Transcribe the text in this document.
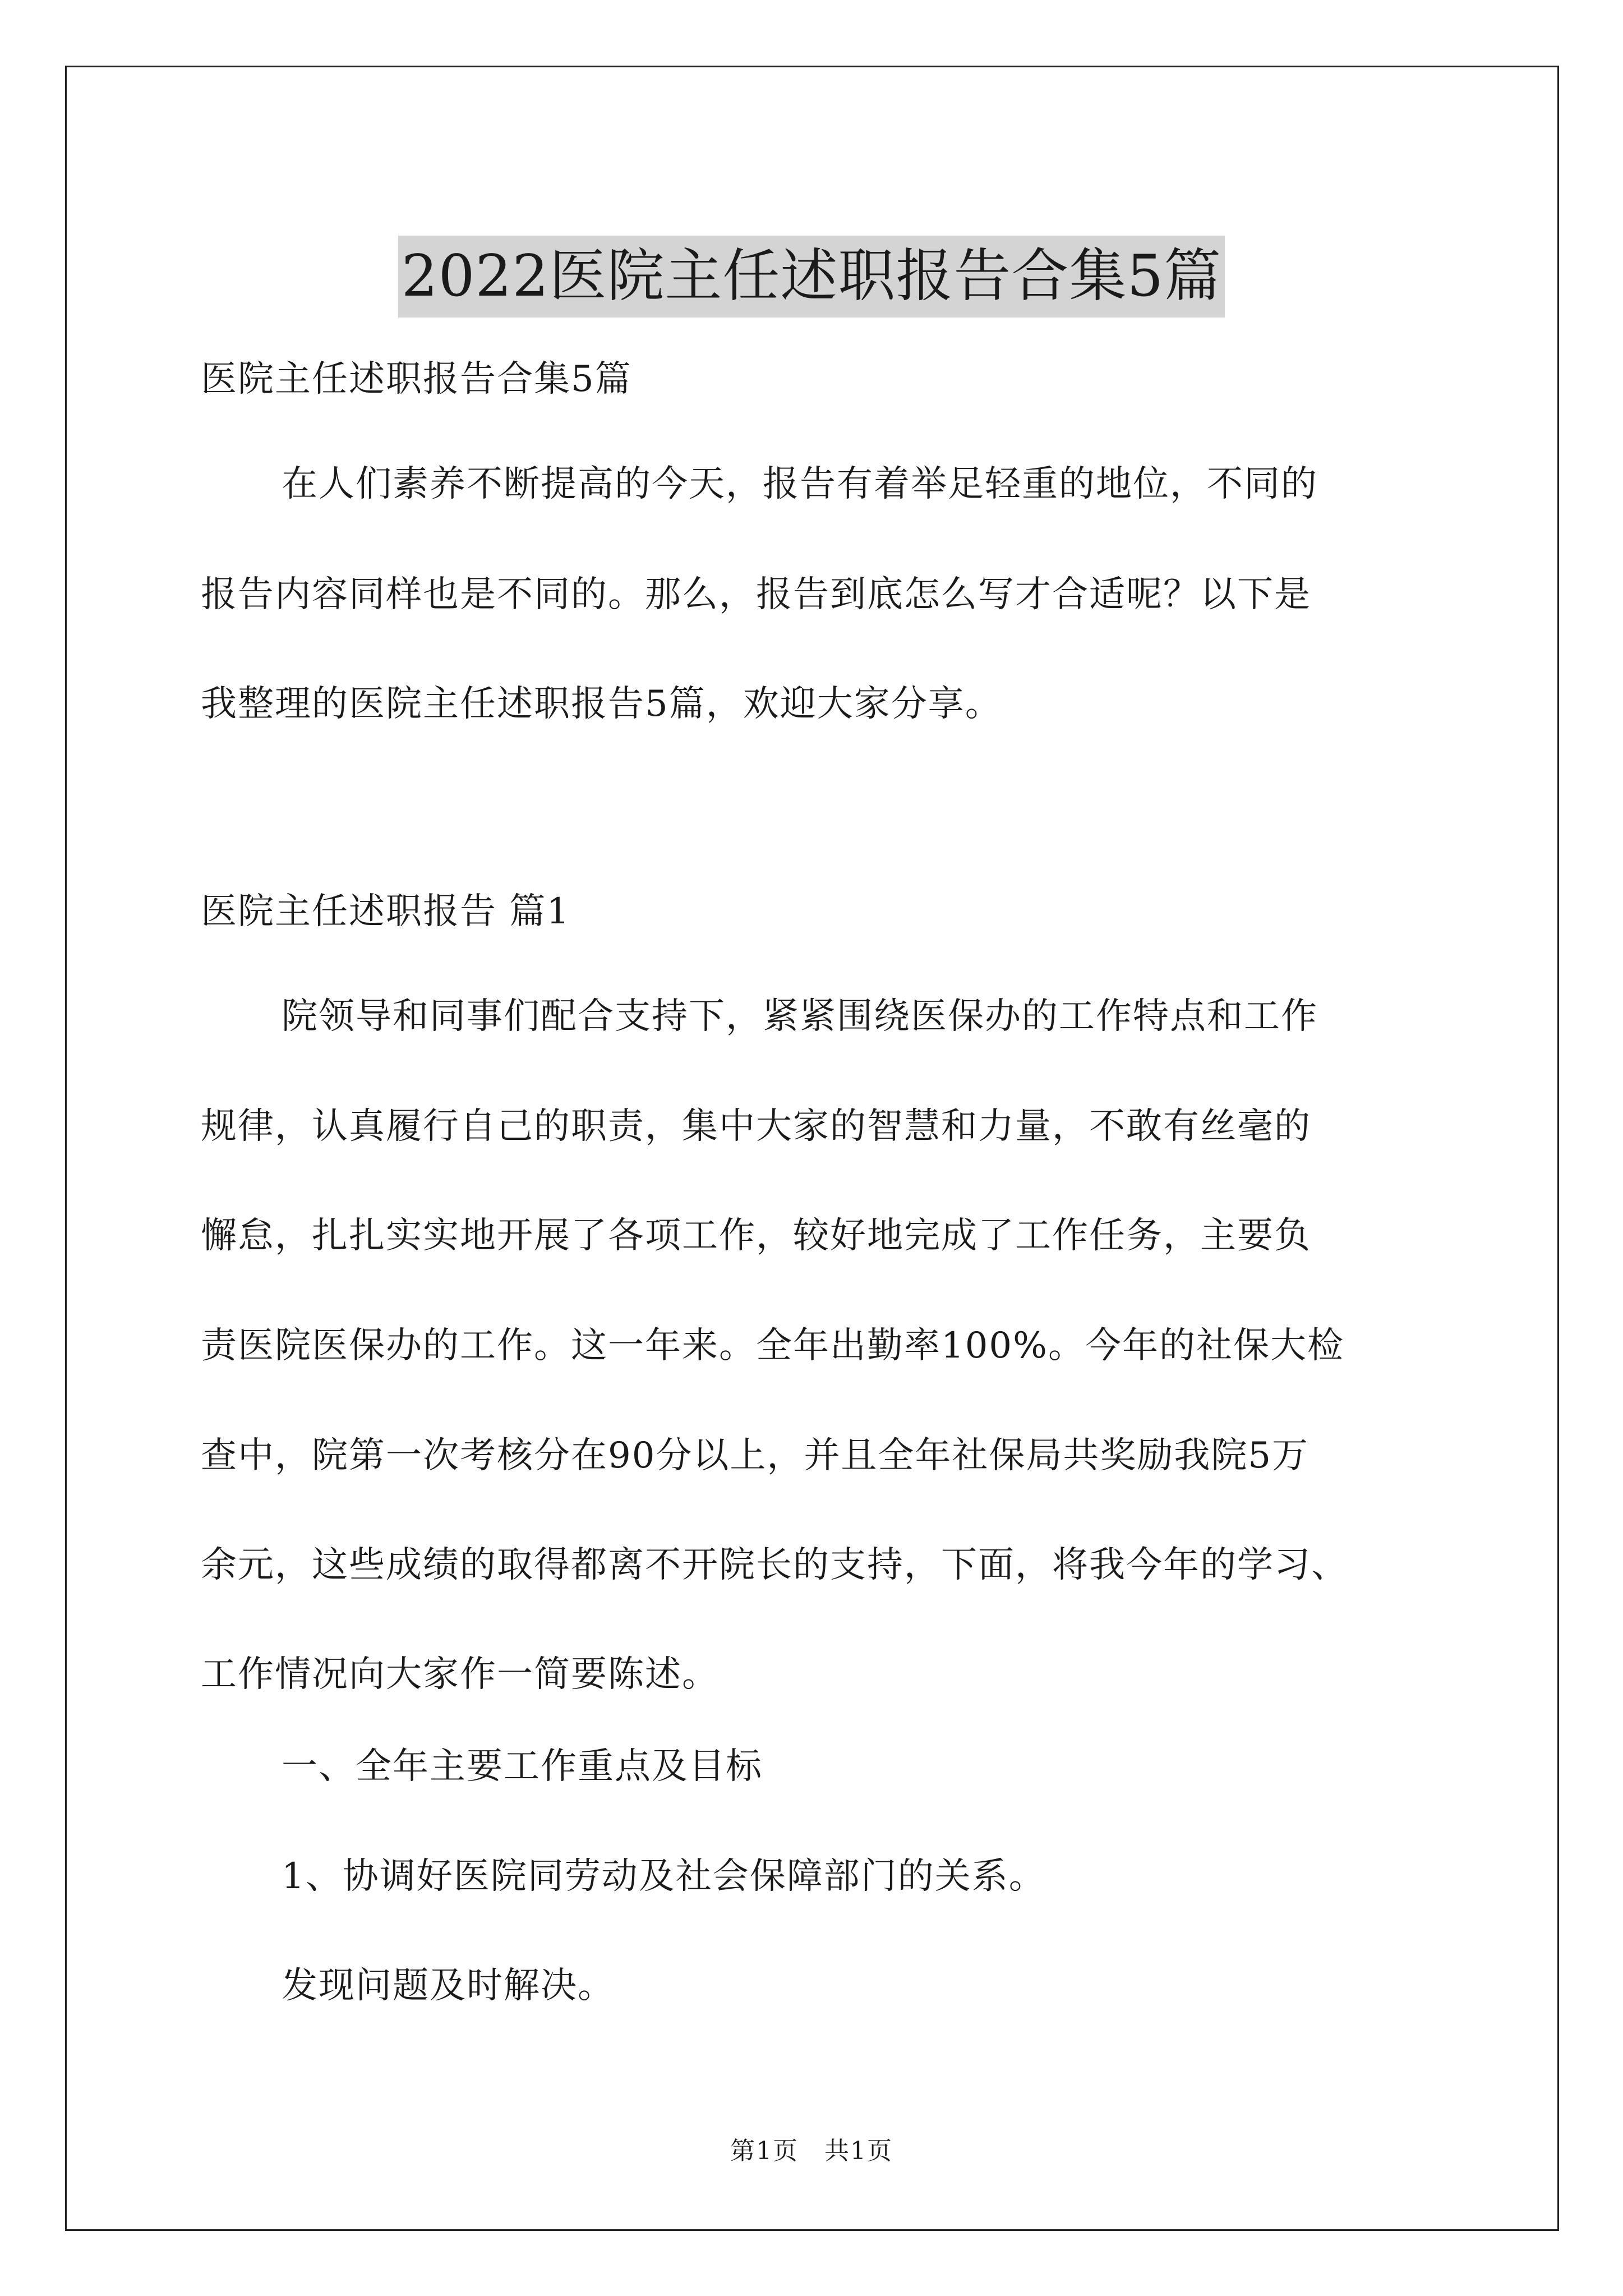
2022医院主任述职报告合集5篇
医院主任述职报告合集5篇
在人们素养不断提高的今天，报告有着举足轻重的地位，不同的
报告内容同样也是不同的。那么，报告到底怎么写才合适呢？以下是
我整理的医院主任述职报告5篇，欢迎大家分享。
医院主任述职报告 篇1
院领导和同事们配合支持下，紧紧围绕医保办的工作特点和工作
规律，认真履行自己的职责，集中大家的智慧和力量，不敢有丝毫的
懈怠，扎扎实实地开展了各项工作，较好地完成了工作任务，主要负
责医院医保办的工作。这一年来。全年出勤率100%。今年的社保大检
查中，院第一次考核分在90分以上，并且全年社保局共奖励我院5万
余元，这些成绩的取得都离不开院长的支持，下面，将我今年的学习、
工作情况向大家作一简要陈述。
一、全年主要工作重点及目标
1、协调好医院同劳动及社会保障部门的关系。
发现问题及时解决。
第1页　共1页
